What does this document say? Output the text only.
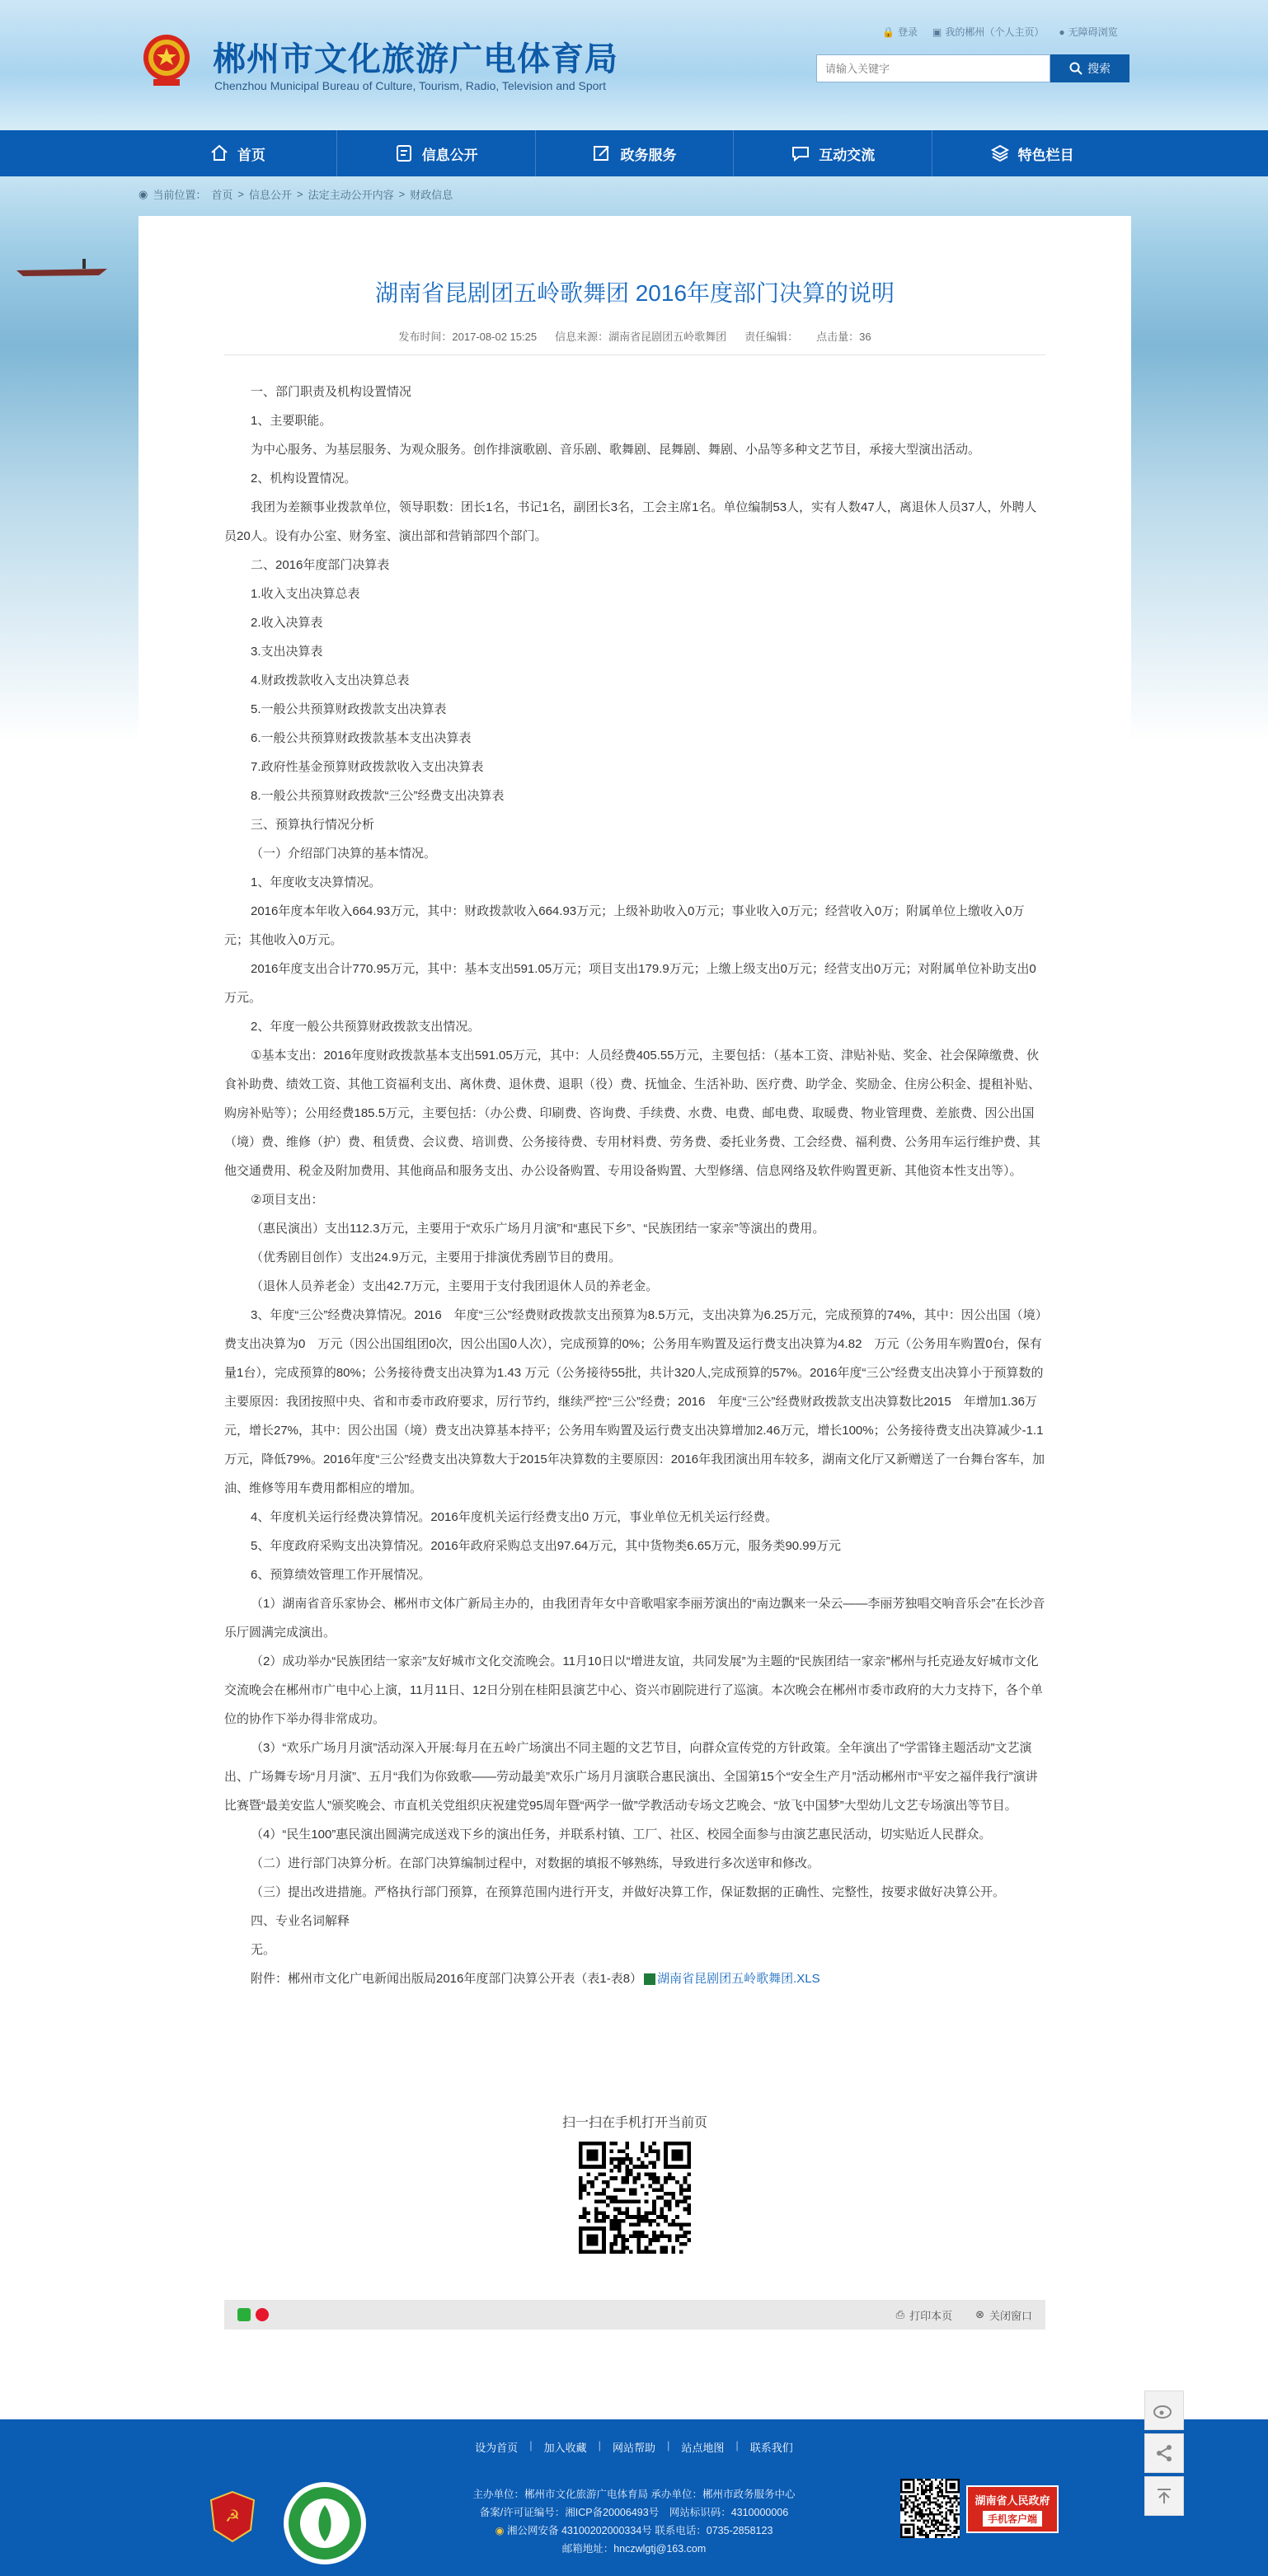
郴州市文化旅游广电体育局
Chenzhou Municipal Bureau of Culture, Tourism, Radio, Television and Sport
🔒 登录 ▣ 我的郴州（个人主页） ● 无障碍浏览
请输入关键字
搜索
首页	信息公开	政务服务	互动交流	特色栏目
◉ 当前位置： 首页 > 信息公开 > 法定主动公开内容 > 财政信息
湖南省昆剧团五岭歌舞团 2016年度部门决算的说明
发布时间：2017-08-02 15:25 信息来源：湖南省昆剧团五岭歌舞团 责任编辑： 点击量：36

一、部门职责及机构设置情况

1、主要职能。

为中心服务、为基层服务、为观众服务。创作排演歌剧、音乐剧、歌舞剧、昆舞剧、舞剧、小品等多种文艺节目，承接大型演出活动。

2、机构设置情况。

我团为差额事业拨款单位，领导职数：团长1名，书记1名，副团长3名，工会主席1名。单位编制53人，实有人数47人，离退休人员37人，外聘人员20人。设有办公室、财务室、演出部和营销部四个部门。

二、2016年度部门决算表

1.收入支出决算总表

2.收入决算表

3.支出决算表

4.财政拨款收入支出决算总表

5.一般公共预算财政拨款支出决算表

6.一般公共预算财政拨款基本支出决算表

7.政府性基金预算财政拨款收入支出决算表

8.一般公共预算财政拨款“三公”经费支出决算表

三、预算执行情况分析

（一）介绍部门决算的基本情况。

1、年度收支决算情况。

2016年度本年收入664.93万元，其中：财政拨款收入664.93万元；上级补助收入0万元；事业收入0万元；经营收入0万；附属单位上缴收入0万元；其他收入0万元。

2016年度支出合计770.95万元，其中：基本支出591.05万元；项目支出179.9万元；上缴上级支出0万元；经营支出0万元；对附属单位补助支出0万元。

2、年度一般公共预算财政拨款支出情况。

①基本支出：2016年度财政拨款基本支出591.05万元，其中：人员经费405.55万元，主要包括：（基本工资、津贴补贴、奖金、社会保障缴费、伙食补助费、绩效工资、其他工资福利支出、离休费、退休费、退职（役）费、抚恤金、生活补助、医疗费、助学金、奖励金、住房公积金、提租补贴、购房补贴等）；公用经费185.5万元，主要包括：（办公费、印刷费、咨询费、手续费、水费、电费、邮电费、取暖费、物业管理费、差旅费、因公出国（境）费、维修（护）费、租赁费、会议费、培训费、公务接待费、专用材料费、劳务费、委托业务费、工会经费、福利费、公务用车运行维护费、其他交通费用、税金及附加费用、其他商品和服务支出、办公设备购置、专用设备购置、大型修缮、信息网络及软件购置更新、其他资本性支出等）。

②项目支出：

（惠民演出）支出112.3万元，主要用于“欢乐广场月月演”和“惠民下乡”、“民族团结一家亲”等演出的费用。

（优秀剧目创作）支出24.9万元，主要用于排演优秀剧节目的费用。

（退休人员养老金）支出42.7万元，主要用于支付我团退休人员的养老金。

3、年度“三公”经费决算情况。2016　年度“三公”经费财政拨款支出预算为8.5万元，支出决算为6.25万元，完成预算的74%，其中：因公出国（境）费支出决算为0　万元（因公出国组团0次，因公出国0人次），完成预算的0%；公务用车购置及运行费支出决算为4.82　万元（公务用车购置0台，保有量1台），完成预算的80%；公务接待费支出决算为1.43 万元（公务接待55批，共计320人,完成预算的57%。2016年度“三公”经费支出决算小于预算数的主要原因：我团按照中央、省和市委市政府要求，厉行节约，继续严控“三公”经费；2016　年度“三公”经费财政拨款支出决算数比2015　年增加1.36万元，增长27%，其中：因公出国（境）费支出决算基本持平；公务用车购置及运行费支出决算增加2.46万元，增长100%；公务接待费支出决算减少-1.1万元，降低79%。2016年度“三公”经费支出决算数大于2015年决算数的主要原因：2016年我团演出用车较多，湖南文化厅又新赠送了一台舞台客车，加油、维修等用车费用都相应的增加。

4、年度机关运行经费决算情况。2016年度机关运行经费支出0 万元，事业单位无机关运行经费。

5、年度政府采购支出决算情况。2016年政府采购总支出97.64万元，其中货物类6.65万元，服务类90.99万元

6、预算绩效管理工作开展情况。

（1）湖南省音乐家协会、郴州市文体广新局主办的，由我团青年女中音歌唱家李丽芳演出的“南边飘来一朵云——李丽芳独唱交响音乐会”在长沙音乐厅圆满完成演出。

（2）成功举办“民族团结一家亲”友好城市文化交流晚会。11月10日以“增进友谊，共同发展”为主题的“民族团结一家亲”郴州与托克逊友好城市文化交流晚会在郴州市广电中心上演，11月11日、12日分别在桂阳县演艺中心、资兴市剧院进行了巡演。本次晚会在郴州市委市政府的大力支持下，各个单位的协作下举办得非常成功。

（3）“欢乐广场月月演”活动深入开展:每月在五岭广场演出不同主题的文艺节目，向群众宣传党的方针政策。全年演出了“学雷锋主题活动”文艺演出、广场舞专场“月月演”、五月“我们为你致歌——劳动最美”欢乐广场月月演联合惠民演出、全国第15个“安全生产月”活动郴州市“平安之福伴我行”演讲比赛暨“最美安监人”颁奖晚会、市直机关党组织庆祝建党95周年暨“两学一做”学教活动专场文艺晚会、“放飞中国梦”大型幼儿文艺专场演出等节目。

（4）“民生100”惠民演出圆满完成送戏下乡的演出任务，并联系村镇、工厂、社区、校园全面参与由演艺惠民活动，切实贴近人民群众。

（二）进行部门决算分析。在部门决算编制过程中，对数据的填报不够熟练，导致进行多次送审和修改。

（三）提出改进措施。严格执行部门预算，在预算范围内进行开支，并做好决算工作，保证数据的正确性、完整性，按要求做好决算公开。

四、专业名词解释

无。

附件：郴州市文化广电新闻出版局2016年度部门决算公开表（表1-表8） 湖南省昆剧团五岭歌舞团.XLS

扫一扫在手机打开当前页
⎙ 打印本页 ⊗ 关闭窗口
设为首页 | 加入收藏 | 网站帮助 | 站点地图 | 联系我们
☭
主办单位：郴州市文化旅游广电体育局 承办单位：郴州市政务服务中心
备案/许可证编号：湘ICP备20006493号　网站标识码：4310000006
◉ 湘公网安备 43100202000334号 联系电话：0735-2858123
邮箱地址：hnczwlgtj@163.com
湖南省人民政府
手机客户端
